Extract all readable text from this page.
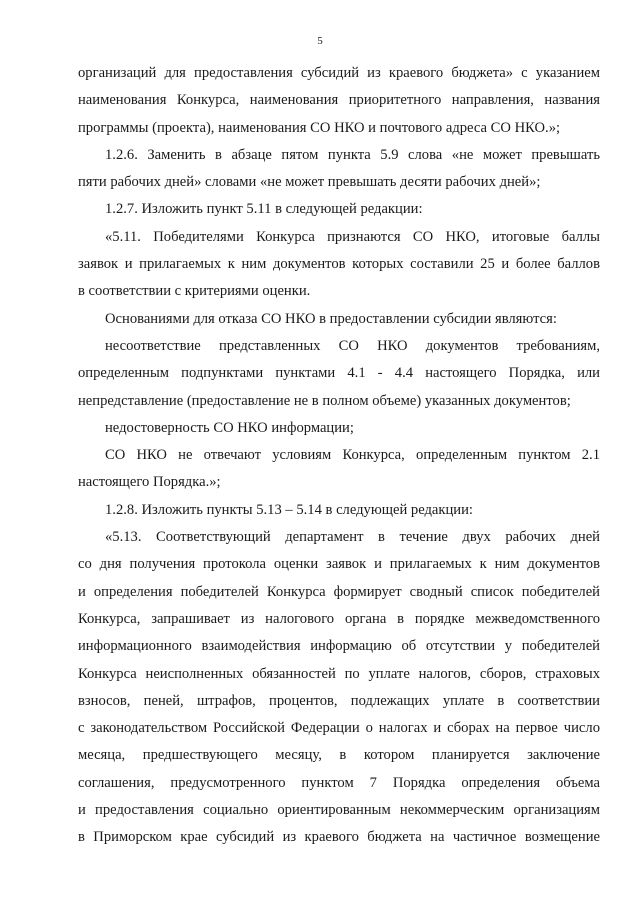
5

организаций для предоставления субсидий из краевого бюджета» с указанием
наименования Конкурса, наименования приоритетного направления, названия
программы (проекта), наименования СО НКО и почтового адреса СО НКО.»;

1.2.6. Заменить в абзаце пятом пункта 5.9 слова «не может превышать
пяти рабочих дней» словами «не может превышать десяти рабочих дней»;

1.2.7. Изложить пункт 5.11 в следующей редакции:

«5.11. Победителями Конкурса признаются СО НКО, итоговые баллы
заявок и прилагаемых к ним документов которых составили 25 и более баллов
в соответствии с критериями оценки.

Основаниями для отказа СО НКО в предоставлении субсидии являются:

несоответствие представленных СО НКО документов требованиям,
определенным подпунктами пунктами 4.1 - 4.4 настоящего Порядка, или
непредставление (предоставление не в полном объеме) указанных документов;

недостоверность СО НКО информации;

СО НКО не отвечают условиям Конкурса, определенным пунктом 2.1
настоящего Порядка.»;

1.2.8. Изложить пункты 5.13 – 5.14 в следующей редакции:

«5.13. Соответствующий департамент в течение двух рабочих дней
со дня получения протокола оценки заявок и прилагаемых к ним документов
и определения победителей Конкурса формирует сводный список победителей
Конкурса, запрашивает из налогового органа в порядке межведомственного
информационного взаимодействия информацию об отсутствии у победителей
Конкурса неисполненных обязанностей по уплате налогов, сборов, страховых
взносов, пеней, штрафов, процентов, подлежащих уплате в соответствии
с законодательством Российской Федерации о налогах и сборах на первое число
месяца, предшествующего месяцу, в котором планируется заключение
соглашения, предусмотренного пунктом 7 Порядка определения объема
и предоставления социально ориентированным некоммерческим организациям
в Приморском крае субсидий из краевого бюджета на частичное возмещение
